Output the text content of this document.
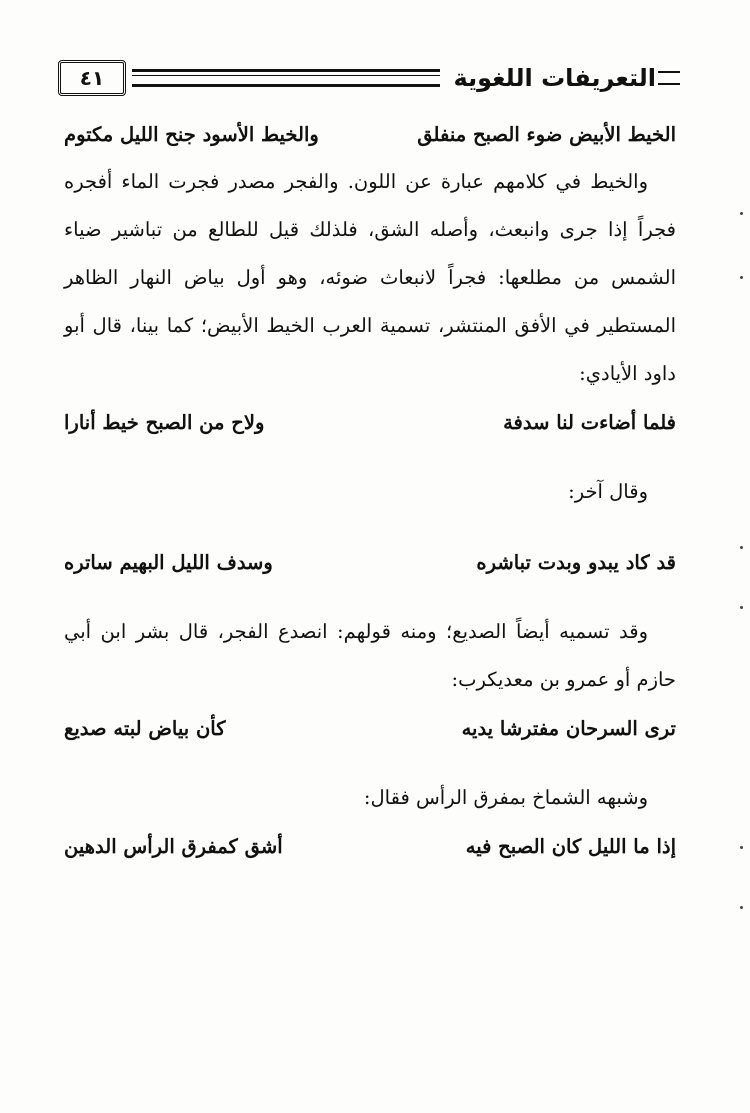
التعريفات اللغوية
٤١
الخيط الأبيض ضوء الصبح منفلق
والخيط الأسود جنح الليل مكتوم

والخيط في كلامهم عبارة عن اللون. والفجر مصدر فجرت الماء أفجره فجراً إذا جرى وانبعث، وأصله الشق، فلذلك قيل للطالع من تباشير ضياء الشمس من مطلعها: فجراً لانبعاث ضوئه، وهو أول بياض النهار الظاهر المستطير في الأفق المنتشر، تسمية العرب الخيط الأبيض؛ كما بينا، قال أبو داود الأيادي:

فلما أضاءت لنا سدفة
ولاح من الصبح خيط أنارا

وقال آخر:

قد كاد يبدو وبدت تباشره
وسدف الليل البهيم ساتره

وقد تسميه أيضاً الصديع؛ ومنه قولهم: انصدع الفجر، قال بشر ابن أبي حازم أو عمرو بن معديكرب:

ترى السرحان مفترشا يديه
كأن بياض لبته صديع

وشبهه الشماخ بمفرق الرأس فقال:

إذا ما الليل كان الصبح فيه
أشق كمفرق الرأس الدهين
